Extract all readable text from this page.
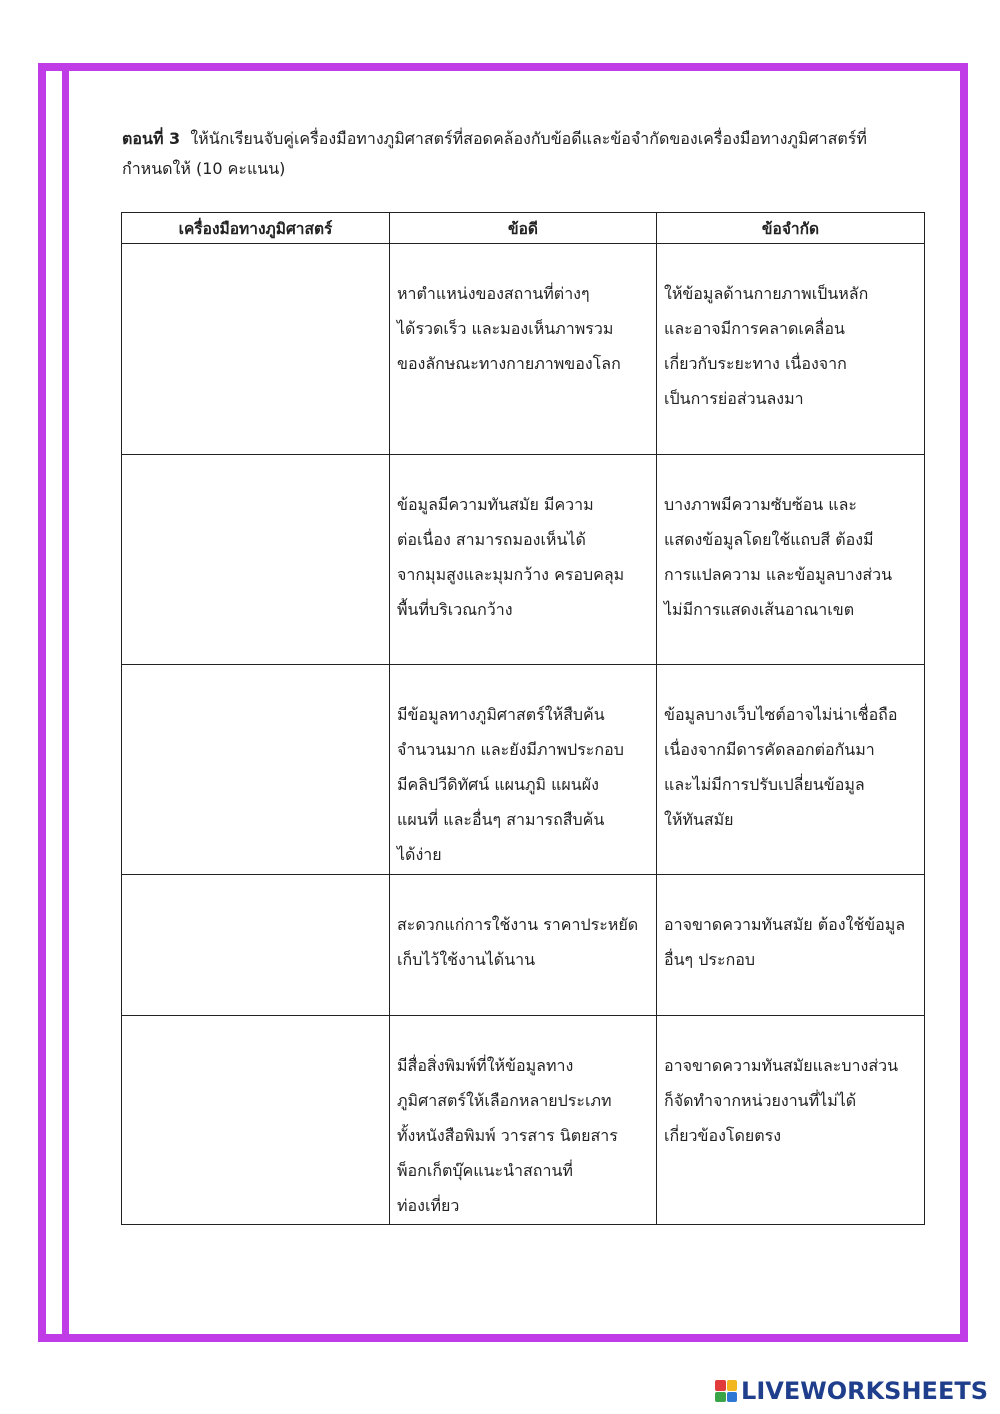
ตอนที่ 3 ให้นักเรียนจับคู่เครื่องมือทางภูมิศาสตร์ที่สอดคล้องกับข้อดีและข้อจำกัดของเครื่องมือทางภูมิศาสตร์ที่กำหนดให้ (10 คะแนน)
เครื่องมือทางภูมิศาสตร์	ข้อดี	ข้อจำกัด

	หาตำแหน่งของสถานที่ต่างๆ
ได้รวดเร็ว และมองเห็นภาพรวม
ของลักษณะทางกายภาพของโลก	ให้ข้อมูลด้านกายภาพเป็นหลัก
และอาจมีการคลาดเคลื่อน
เกี่ยวกับระยะทาง เนื่องจาก
เป็นการย่อส่วนลงมา

	ข้อมูลมีความทันสมัย มีความ
ต่อเนื่อง สามารถมองเห็นได้
จากมุมสูงและมุมกว้าง ครอบคลุม
พื้นที่บริเวณกว้าง	บางภาพมีความซับซ้อน และ
แสดงข้อมูลโดยใช้แถบสี ต้องมี
การแปลความ และข้อมูลบางส่วน
ไม่มีการแสดงเส้นอาณาเขต

	มีข้อมูลทางภูมิศาสตร์ให้สืบค้น
จำนวนมาก และยังมีภาพประกอบ
มีคลิปวีดิทัศน์ แผนภูมิ แผนผัง
แผนที่ และอื่นๆ สามารถสืบค้น
ได้ง่าย	ข้อมูลบางเว็บไซต์อาจไม่น่าเชื่อถือ
เนื่องจากมีดารคัดลอกต่อกันมา
และไม่มีการปรับเปลี่ยนข้อมูล
ให้ทันสมัย

	สะดวกแก่การใช้งาน ราคาประหยัด
เก็บไว้ใช้งานได้นาน	อาจขาดความทันสมัย ต้องใช้ข้อมูล
อื่นๆ ประกอบ

	มีสื่อสิ่งพิมพ์ที่ให้ข้อมูลทาง
ภูมิศาสตร์ให้เลือกหลายประเภท
ทั้งหนังสือพิมพ์ วารสาร นิตยสาร
พ็อกเก็ตบุ๊คแนะนำสถานที่
ท่องเที่ยว	อาจขาดความทันสมัยและบางส่วน
ก็จัดทำจากหน่วยงานที่ไม่ได้
เกี่ยวข้องโดยตรง
LIVEWORKSHEETS
